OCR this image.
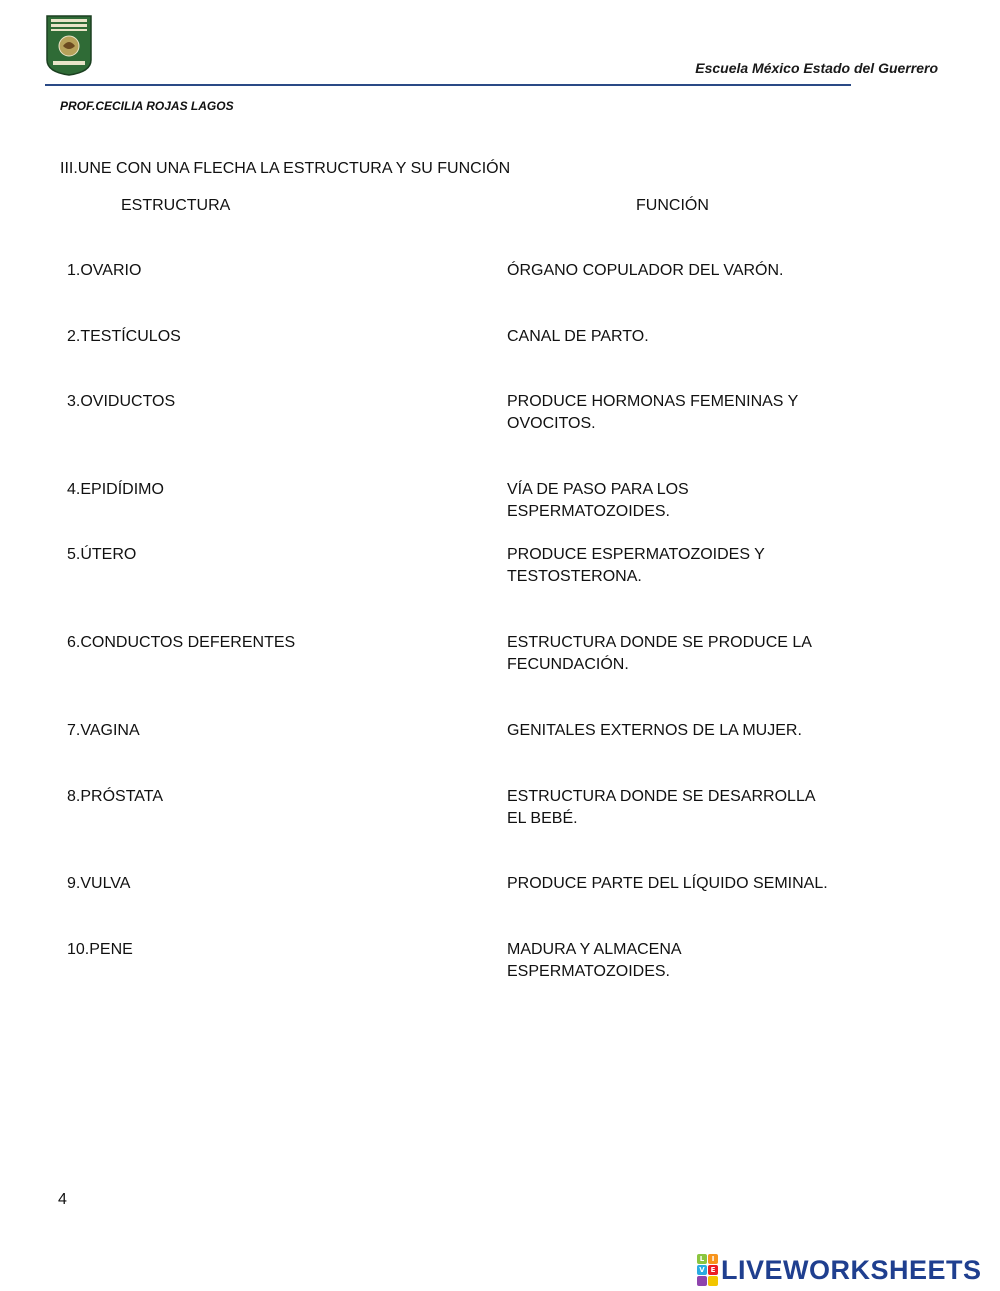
Escuela México Estado del Guerrero
PROF.CECILIA ROJAS LAGOS
III.UNE CON UNA FLECHA LA ESTRUCTURA Y SU FUNCIÓN
ESTRUCTURA	FUNCIÓN
1.OVARIO
2.TESTÍCULOS
3.OVIDUCTOS
4.EPIDÍDIMO
5.ÚTERO
6.CONDUCTOS DEFERENTES
7.VAGINA
8.PRÓSTATA
9.VULVA
10.PENE
ÓRGANO COPULADOR DEL VARÓN.
CANAL DE PARTO.
PRODUCE HORMONAS FEMENINAS Y OVOCITOS.
VÍA DE PASO PARA LOS ESPERMATOZOIDES.
PRODUCE ESPERMATOZOIDES Y TESTOSTERONA.
ESTRUCTURA DONDE SE PRODUCE LA FECUNDACIÓN.
GENITALES EXTERNOS DE LA MUJER.
ESTRUCTURA DONDE SE DESARROLLA EL BEBÉ.
PRODUCE PARTE DEL LÍQUIDO SEMINAL.
MADURA Y ALMACENA ESPERMATOZOIDES.
4
L	I
V E LIVEWORKSHEETS
